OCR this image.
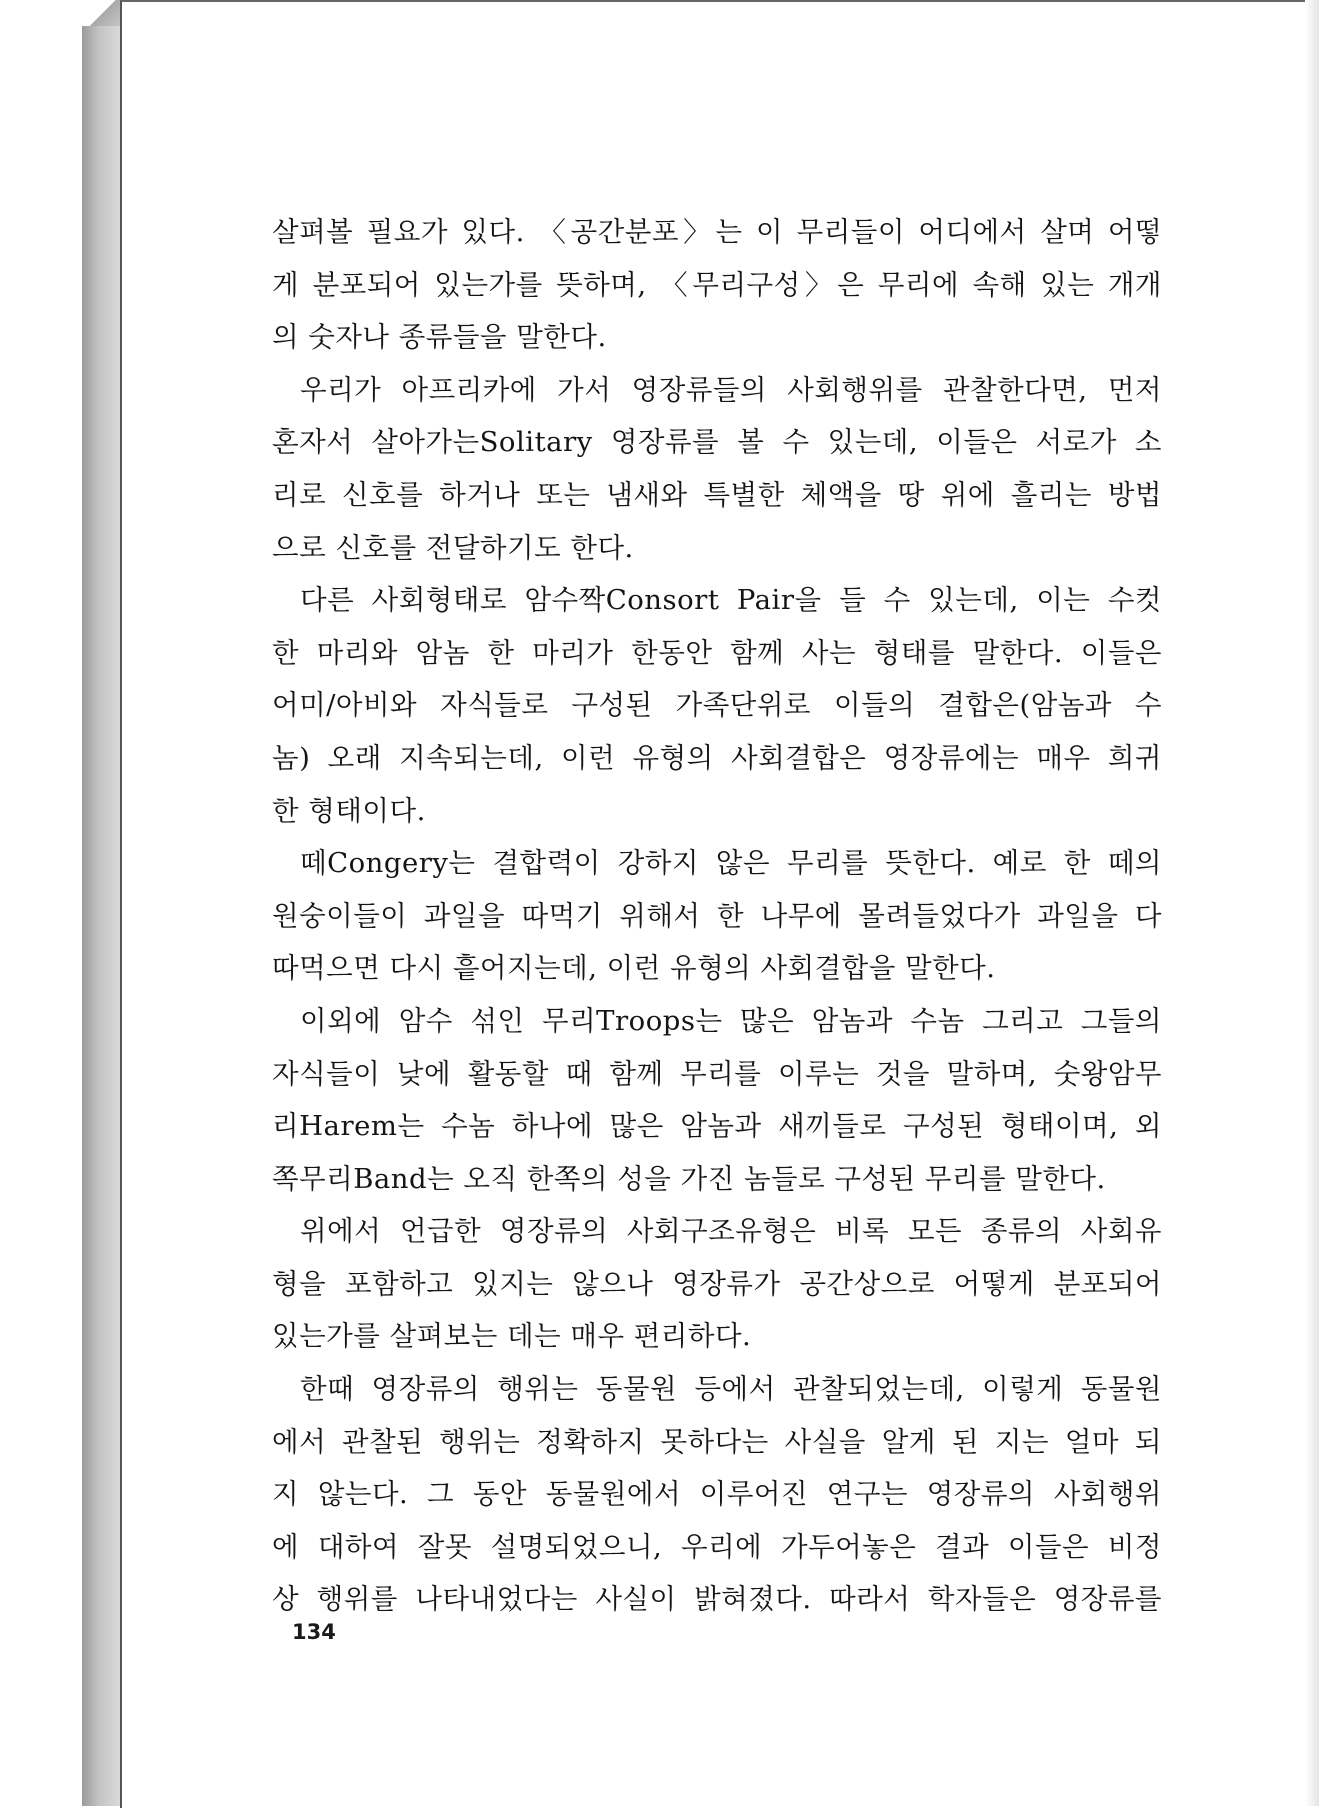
살펴볼 필요가 있다. 〈공간분포〉는 이 무리들이 어디에서 살며 어떻
게 분포되어 있는가를 뜻하며, 〈무리구성〉은 무리에 속해 있는 개개
의 숫자나 종류들을 말한다.

우리가 아프리카에 가서 영장류들의 사회행위를 관찰한다면, 먼저
혼자서 살아가는Solitary 영장류를 볼 수 있는데, 이들은 서로가 소
리로 신호를 하거나 또는 냄새와 특별한 체액을 땅 위에 흘리는 방법
으로 신호를 전달하기도 한다.

다른 사회형태로 암수짝Consort Pair을 들 수 있는데, 이는 수컷
한 마리와 암놈 한 마리가 한동안 함께 사는 형태를 말한다. 이들은
어미/아비와 자식들로 구성된 가족단위로 이들의 결합은(암놈과 수
놈) 오래 지속되는데, 이런 유형의 사회결합은 영장류에는 매우 희귀
한 형태이다.

떼Congery는 결합력이 강하지 않은 무리를 뜻한다. 예로 한 떼의
원숭이들이 과일을 따먹기 위해서 한 나무에 몰려들었다가 과일을 다
따먹으면 다시 흩어지는데, 이런 유형의 사회결합을 말한다.

이외에 암수 섞인 무리Troops는 많은 암놈과 수놈 그리고 그들의
자식들이 낮에 활동할 때 함께 무리를 이루는 것을 말하며, 숫왕암무
리Harem는 수놈 하나에 많은 암놈과 새끼들로 구성된 형태이며, 외
쪽무리Band는 오직 한쪽의 성을 가진 놈들로 구성된 무리를 말한다.

위에서 언급한 영장류의 사회구조유형은 비록 모든 종류의 사회유
형을 포함하고 있지는 않으나 영장류가 공간상으로 어떻게 분포되어
있는가를 살펴보는 데는 매우 편리하다.

한때 영장류의 행위는 동물원 등에서 관찰되었는데, 이렇게 동물원
에서 관찰된 행위는 정확하지 못하다는 사실을 알게 된 지는 얼마 되
지 않는다. 그 동안 동물원에서 이루어진 연구는 영장류의 사회행위
에 대하여 잘못 설명되었으니, 우리에 가두어놓은 결과 이들은 비정
상 행위를 나타내었다는 사실이 밝혀졌다. 따라서 학자들은 영장류를

134
